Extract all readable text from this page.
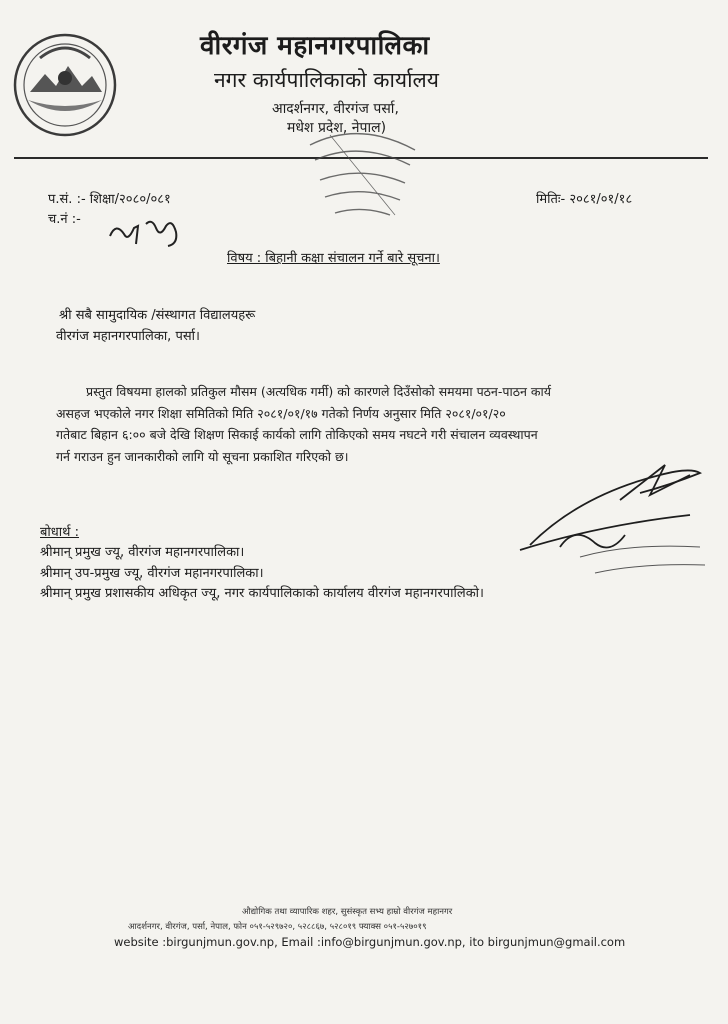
वीरगंज महानगरपालिका
नगर कार्यपालिकाको कार्यालय
आदर्शनगर, वीरगंज पर्सा,
मधेश प्रदेश, नेपाल)
प.सं. :- शिक्षा/२०८०/०८१	मितिः- २०८१/०१/१८
च.नं :-
विषय : बिहानी कक्षा संचालन गर्ने बारे सूचना।
श्री सबै सामुदायिक /संस्थागत विद्यालयहरू
वीरगंज महानगरपालिका, पर्सा।
प्रस्तुत विषयमा हालको प्रतिकुल मौसम (अत्यधिक गर्मी) को कारणले दिउँसोको समयमा पठन-पाठन कार्य
असहज भएकोले नगर शिक्षा समितिको मिति २०८१/०१/१७ गतेको निर्णय अनुसार मिति २०८१/०१/२०
गतेबाट बिहान ६:०० बजे देखि शिक्षण सिकाई कार्यको लागि तोकिएको समय नघटने गरी संचालन व्यवस्थापन
गर्न गराउन हुन जानकारीको लागि यो सूचना प्रकाशित गरिएको छ।
बोधार्थ :
श्रीमान् प्रमुख ज्यू, वीरगंज महानगरपालिका।
श्रीमान् उप-प्रमुख ज्यू, वीरगंज महानगरपालिका।
श्रीमान् प्रमुख प्रशासकीय अधिकृत ज्यू, नगर कार्यपालिकाको कार्यालय वीरगंज महानगरपालिको।
औद्योगिक तथा व्यापारिक शहर, सुसंस्कृत सभ्य हाम्रो वीरगंज महानगर
आदर्शनगर, वीरगंज, पर्सा, नेपाल, फोन ०५१-५२९७२०, ५२८८६७, ५२८०१९ फ्याक्स ०५१-५२७०१९
website :birgunjmun.gov.np, Email :info@birgunjmun.gov.np, ito birgunjmun@gmail.com
